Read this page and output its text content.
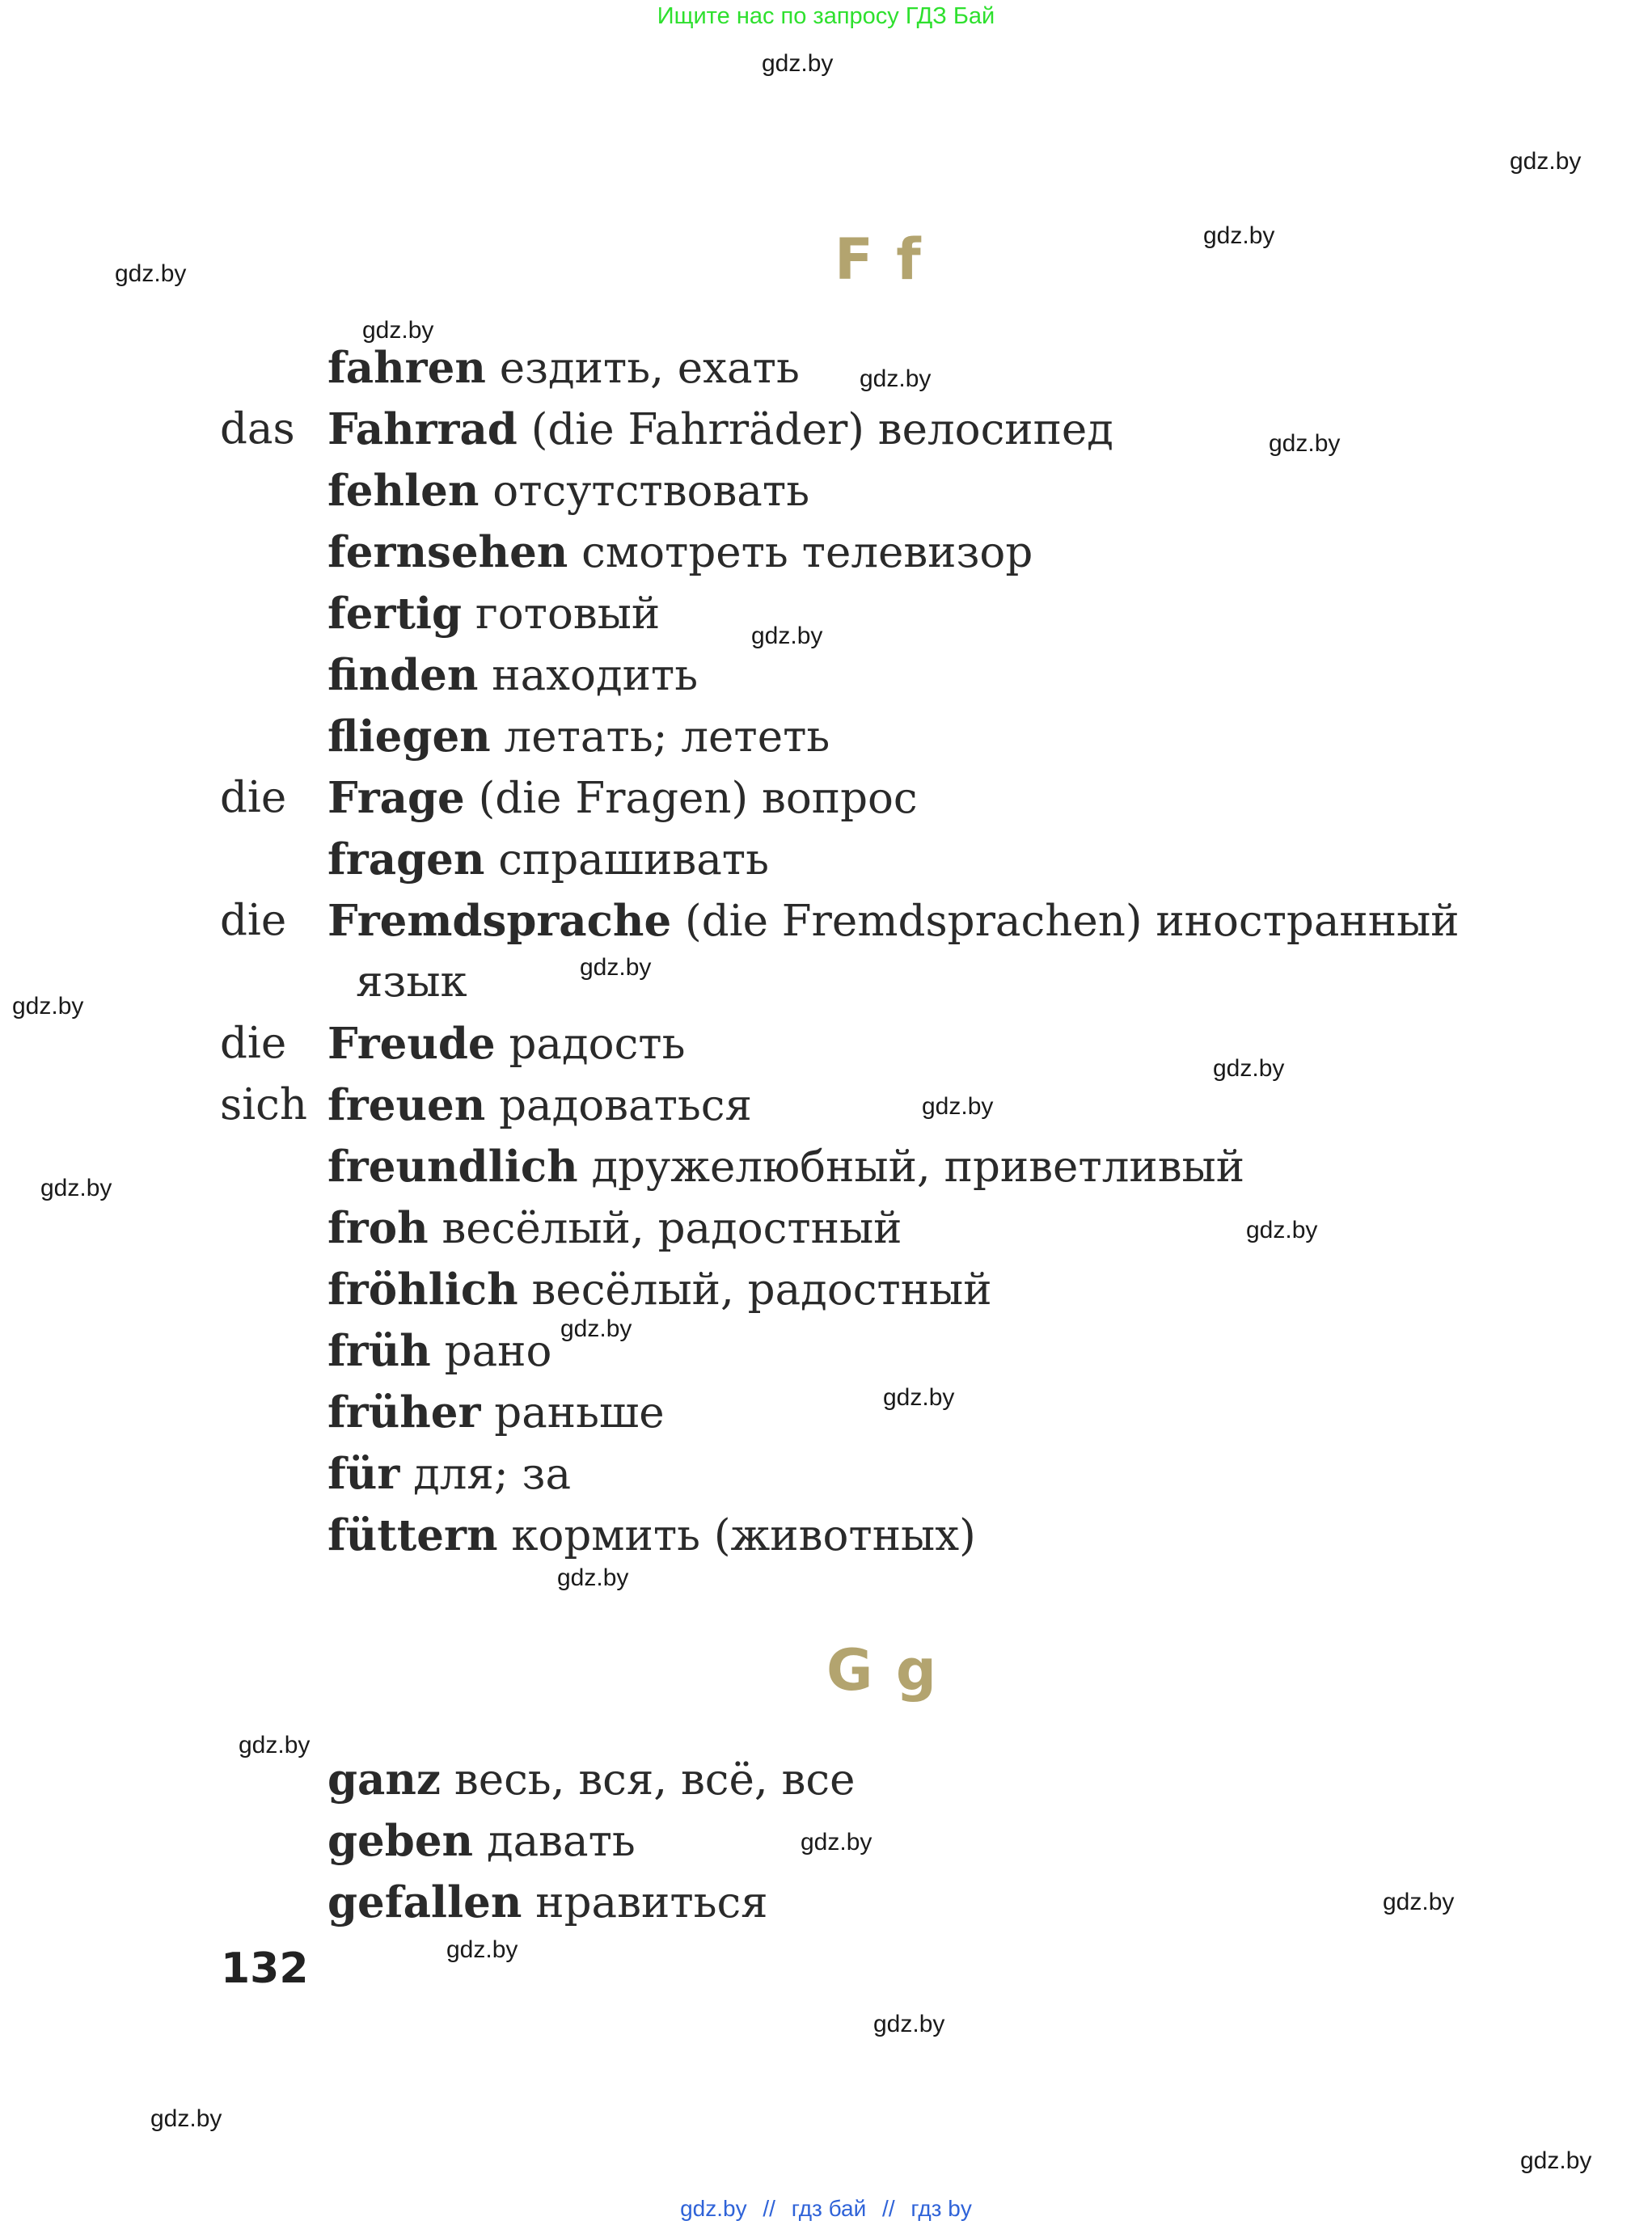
Ищите нас по запросу ГДЗ Бай
gdz.by
gdz.by
gdz.by
gdz.by
gdz.by
gdz.by
gdz.by
gdz.by
gdz.by
gdz.by
gdz.by
gdz.by
gdz.by
gdz.by
gdz.by
gdz.by
gdz.by
gdz.by
gdz.by
gdz.by
gdz.by
gdz.by
gdz.by
gdz.by
F f
fahren ездить, ехать
das Fahrrad (die Fahrräder) велосипед
fehlen отсутствовать
fernsehen смотреть телевизор
fertig готовый
finden находить
fliegen летать; лететь
die Frage (die Fragen) вопрос
fragen спрашивать
die Fremdsprache (die Fremdsprachen) иностранный
язык
die Freude радость
sich freuen радоваться
freundlich дружелюбный, приветливый
froh весёлый, радостный
fröhlich весёлый, радостный
früh рано
früher раньше
für для; за
füttern кормить (животных)
G g
ganz весь, вся, всё, все
geben давать
gefallen нравиться
132
gdz.by // гдз бай // гдз by
